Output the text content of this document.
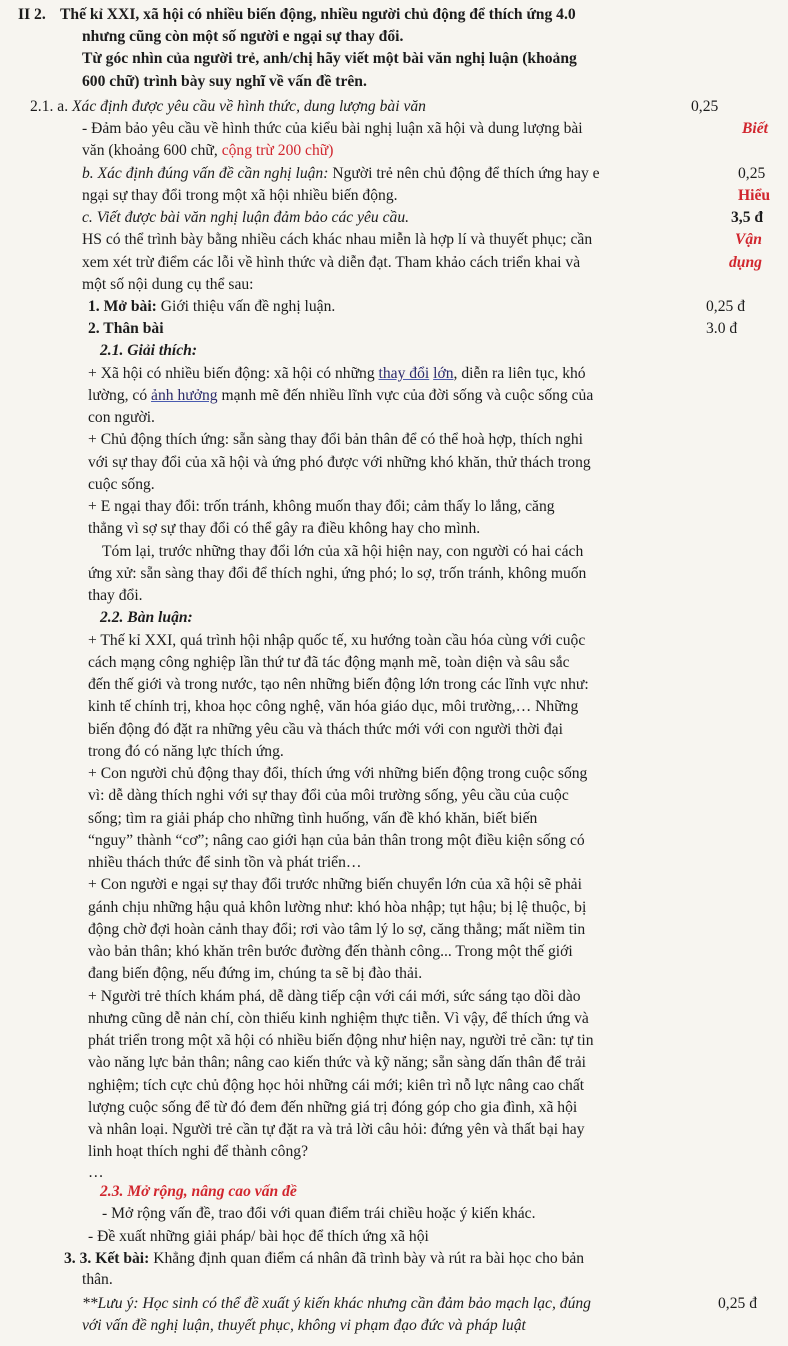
II 2. Thế kỉ XXI, xã hội có nhiều biến động, nhiều người chủ động để thích ứng 4.0
nhưng cũng còn một số người e ngại sự thay đổi.
Từ góc nhìn của người trẻ, anh/chị hãy viết một bài văn nghị luận (khoảng
600 chữ) trình bày suy nghĩ về vấn đề trên.
2.1. a. Xác định được yêu cầu về hình thức, dung lượng bài văn	0,25
- Đảm bảo yêu cầu về hình thức của kiểu bài nghị luận xã hội và dung lượng bài	Biết
văn (khoảng 600 chữ, cộng trừ 200 chữ)
b. Xác định đúng vấn đề cần nghị luận: Người trẻ nên chủ động để thích ứng hay e	0,25
ngại sự thay đổi trong một xã hội nhiều biến động.	Hiểu
c. Viết được bài văn nghị luận đảm bảo các yêu cầu.	3,5 đ
HS có thể trình bày bằng nhiều cách khác nhau miễn là hợp lí và thuyết phục; cần	Vận
xem xét trừ điểm các lỗi về hình thức và diễn đạt. Tham khảo cách triển khai và	dụng
một số nội dung cụ thể sau:
1. Mở bài: Giới thiệu vấn đề nghị luận.	0,25 đ
2. Thân bài	3.0 đ
2.1. Giải thích:
+ Xã hội có nhiều biến động: xã hội có những thay đổi lớn, diễn ra liên tục, khó
lường, có ảnh hưởng mạnh mẽ đến nhiều lĩnh vực của đời sống và cuộc sống của
con người.
+ Chủ động thích ứng: sẵn sàng thay đổi bản thân để có thể hoà hợp, thích nghi
với sự thay đổi của xã hội và ứng phó được với những khó khăn, thử thách trong
cuộc sống.
+ E ngại thay đổi: trốn tránh, không muốn thay đổi; cảm thấy lo lắng, căng
thẳng vì sợ sự thay đổi có thể gây ra điều không hay cho mình.
Tóm lại, trước những thay đổi lớn của xã hội hiện nay, con người có hai cách
ứng xử: sẵn sàng thay đổi để thích nghi, ứng phó; lo sợ, trốn tránh, không muốn
thay đổi.
2.2. Bàn luận:
+ Thế kỉ XXI, quá trình hội nhập quốc tế, xu hướng toàn cầu hóa cùng với cuộc
cách mạng công nghiệp lần thứ tư đã tác động mạnh mẽ, toàn diện và sâu sắc
đến thế giới và trong nước, tạo nên những biến động lớn trong các lĩnh vực như:
kinh tế chính trị, khoa học công nghệ, văn hóa giáo dục, môi trường,… Những
biến động đó đặt ra những yêu cầu và thách thức mới với con người thời đại
trong đó có năng lực thích ứng.
+ Con người chủ động thay đổi, thích ứng với những biến động trong cuộc sống
vì: dễ dàng thích nghi với sự thay đổi của môi trường sống, yêu cầu của cuộc
sống; tìm ra giải pháp cho những tình huống, vấn đề khó khăn, biết biến
“nguy” thành “cơ”; nâng cao giới hạn của bản thân trong một điều kiện sống có
nhiều thách thức để sinh tồn và phát triển…
+ Con người e ngại sự thay đổi trước những biến chuyển lớn của xã hội sẽ phải
gánh chịu những hậu quả khôn lường như: khó hòa nhập; tụt hậu; bị lệ thuộc, bị
động chờ đợi hoàn cảnh thay đổi; rơi vào tâm lý lo sợ, căng thẳng; mất niềm tin
vào bản thân; khó khăn trên bước đường đến thành công... Trong một thế giới
đang biến động, nếu đứng im, chúng ta sẽ bị đào thải.
+ Người trẻ thích khám phá, dễ dàng tiếp cận với cái mới, sức sáng tạo dồi dào
nhưng cũng dễ nản chí, còn thiếu kinh nghiệm thực tiễn. Vì vậy, để thích ứng và
phát triển trong một xã hội có nhiều biến động như hiện nay, người trẻ cần: tự tin
vào năng lực bản thân; nâng cao kiến thức và kỹ năng; sẵn sàng dấn thân để trải
nghiệm; tích cực chủ động học hỏi những cái mới; kiên trì nỗ lực nâng cao chất
lượng cuộc sống để từ đó đem đến những giá trị đóng góp cho gia đình, xã hội
và nhân loại. Người trẻ cần tự đặt ra và trả lời câu hỏi: đứng yên và thất bại hay
linh hoạt thích nghi để thành công?
…
2.3. Mở rộng, nâng cao vấn đề
- Mở rộng vấn đề, trao đổi với quan điểm trái chiều hoặc ý kiến khác.
- Đề xuất những giải pháp/ bài học để thích ứng xã hội
3. 3. Kết bài: Khẳng định quan điểm cá nhân đã trình bày và rút ra bài học cho bản
thân.
**Lưu ý: Học sinh có thể đề xuất ý kiến khác nhưng cần đảm bảo mạch lạc, đúng	0,25 đ
với vấn đề nghị luận, thuyết phục, không vi phạm đạo đức và pháp luật
